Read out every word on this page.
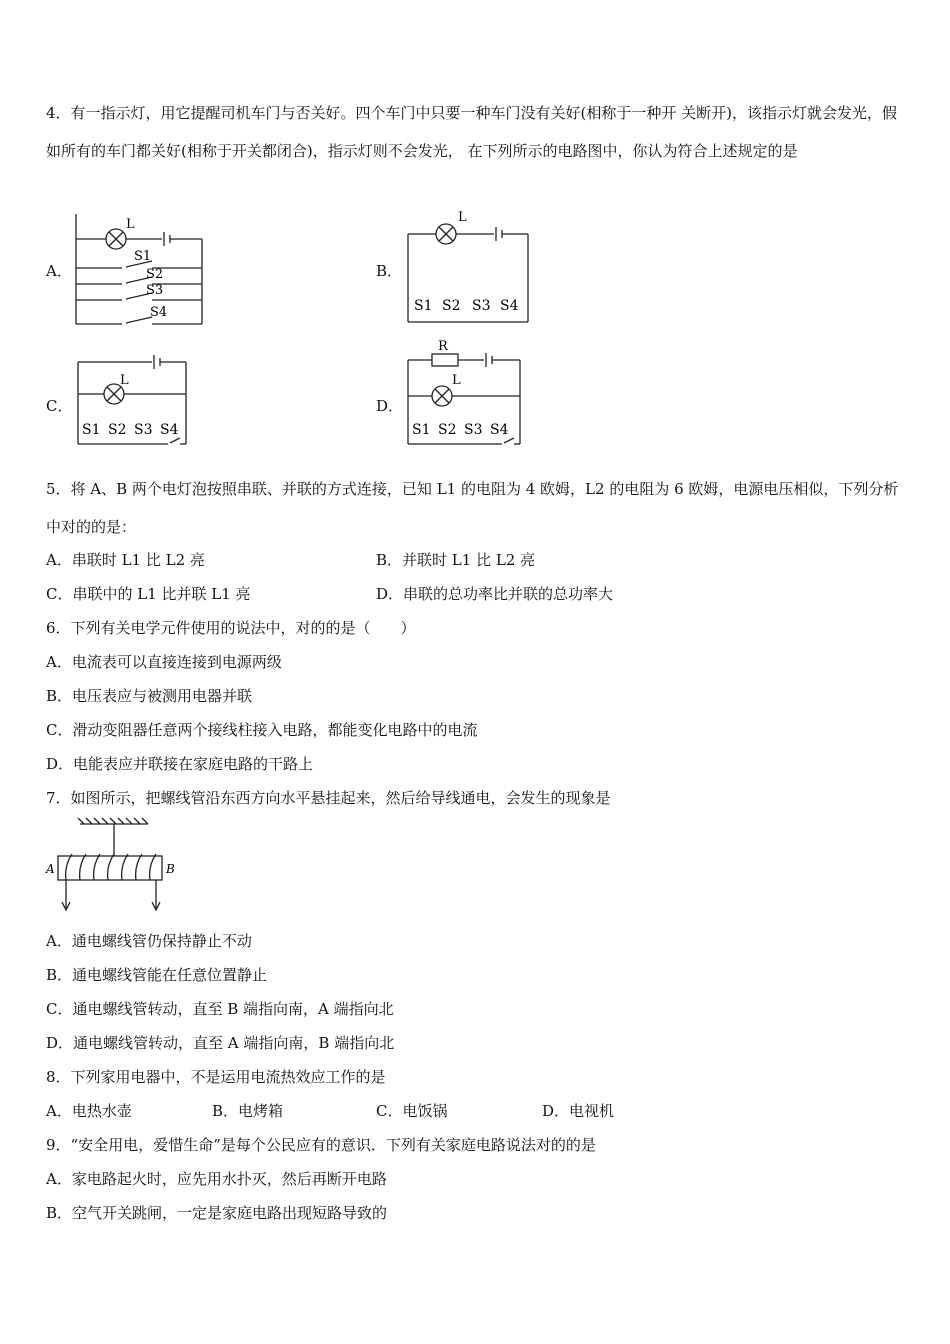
4．有一指示灯，用它提醒司机车门与否关好。四个车门中只要一种车门没有关好(相称于一种开 关断开)，该指示灯就会发光，假如所有的车门都关好(相称于开关都闭合)，指示灯则不会发光， 在下列所示的电路图中，你认为符合上述规定的是
A．	B．
C．	D．
L
S1
S2
S3
S4
L
S1 S2 S3 S4
L
S1 S2 S3 S4
R
L
S1 S2 S3 S4
5．将 A、B 两个电灯泡按照串联、并联的方式连接，已知 L1 的电阻为 4 欧姆，L2 的电阻为 6 欧姆，电源电压相似，下列分析中对的的是：
A．串联时 L1 比 L2 亮	B．并联时 L1 比 L2 亮
C．串联中的 L1 比并联 L1 亮	D．串联的总功率比并联的总功率大
6．下列有关电学元件使用的说法中，对的的是（　　）
A．电流表可以直接连接到电源两级
B．电压表应与被测用电器并联
C．滑动变阻器任意两个接线柱接入电路，都能变化电路中的电流
D．电能表应并联接在家庭电路的干路上
7．如图所示，把螺线管沿东西方向水平悬挂起来，然后给导线通电，会发生的现象是
A	B
A．通电螺线管仍保持静止不动
B．通电螺线管能在任意位置静止
C．通电螺线管转动，直至 B 端指向南，A 端指向北
D．通电螺线管转动，直至 A 端指向南，B 端指向北
8．下列家用电器中，不是运用电流热效应工作的是
A．电热水壶	B．电烤箱	C．电饭锅	D．电视机
9．“安全用电，爱惜生命”是每个公民应有的意识．下列有关家庭电路说法对的的是
A．家电路起火时，应先用水扑灭，然后再断开电路
B．空气开关跳闸，一定是家庭电路出现短路导致的
